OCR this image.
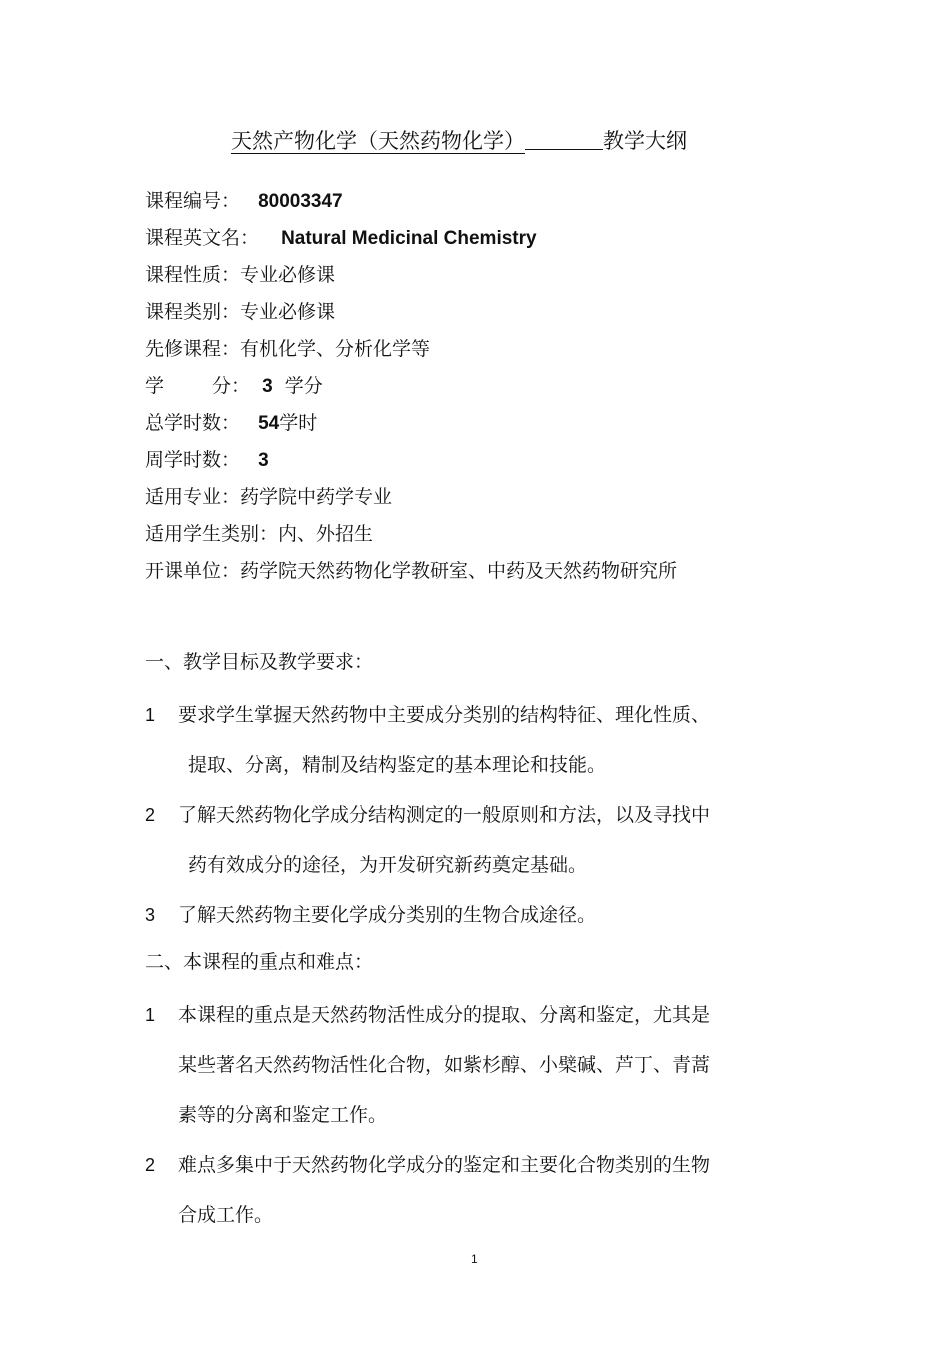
天然产物化学（天然药物化学）	教学大纲
课程编号： 80003347
课程英文名： Natural Medicinal Chemistry
课程性质：专业必修课
课程类别：专业必修课
先修课程：有机化学、分析化学等
学	分： 3 学分
总学时数： 54学时
周学时数： 3
适用专业：药学院中药学专业
适用学生类别：内、外招生
开课单位：药学院天然药物化学教研室、中药及天然药物研究所
一、教学目标及教学要求：
1 要求学生掌握天然药物中主要成分类别的结构特征、理化性质、
提取、分离，精制及结构鉴定的基本理论和技能。
2 了解天然药物化学成分结构测定的一般原则和方法，以及寻找中
药有效成分的途径，为开发研究新药奠定基础。
3 了解天然药物主要化学成分类别的生物合成途径。
二、本课程的重点和难点：
1 本课程的重点是天然药物活性成分的提取、分离和鉴定，尤其是
某些著名天然药物活性化合物，如紫杉醇、小檗碱、芦丁、青蒿
素等的分离和鉴定工作。
2 难点多集中于天然药物化学成分的鉴定和主要化合物类别的生物
合成工作。
1
